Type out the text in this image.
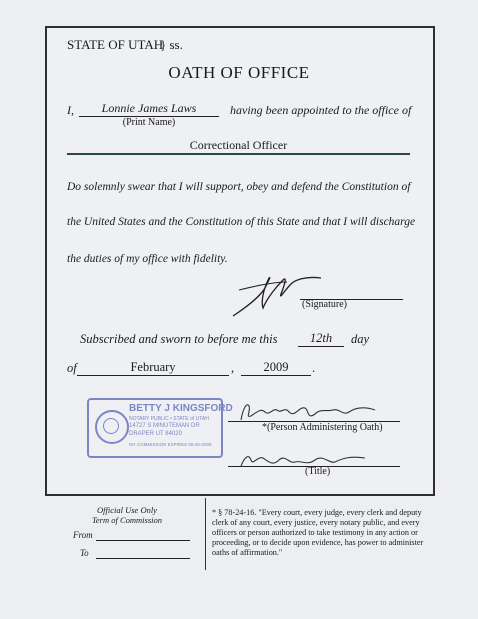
STATE OF UTAH
} ss.
OATH OF OFFICE
I,	Lonnie James Laws
(Print Name)
having been appointed to the office of
Correctional Officer
Do solemnly swear that I will support, obey and defend the Constitution of
the United States and the Constitution of this State and that I will discharge
the duties of my office with fidelity.
(Signature)
Subscribed and sworn to before me this	12th	day
of	February	,	2009	.
BETTY J KINGSFORD
NOTARY PUBLIC • STATE of UTAH
14727 S MINUTEMAN DR
DRAPER UT 84020
MY COMMISSION EXPIRES 06-25-2009
*(Person Administering Oath)
(Title)
Official Use Only
Term of Commission
From
To
* § 78-24-16. "Every court, every judge, every clerk and deputy clerk of any court, every justice, every notary public, and every officers or person authorized to take testimony in any action or proceeding, or to decide upon evidence, has power to administer oaths of affirmation."
